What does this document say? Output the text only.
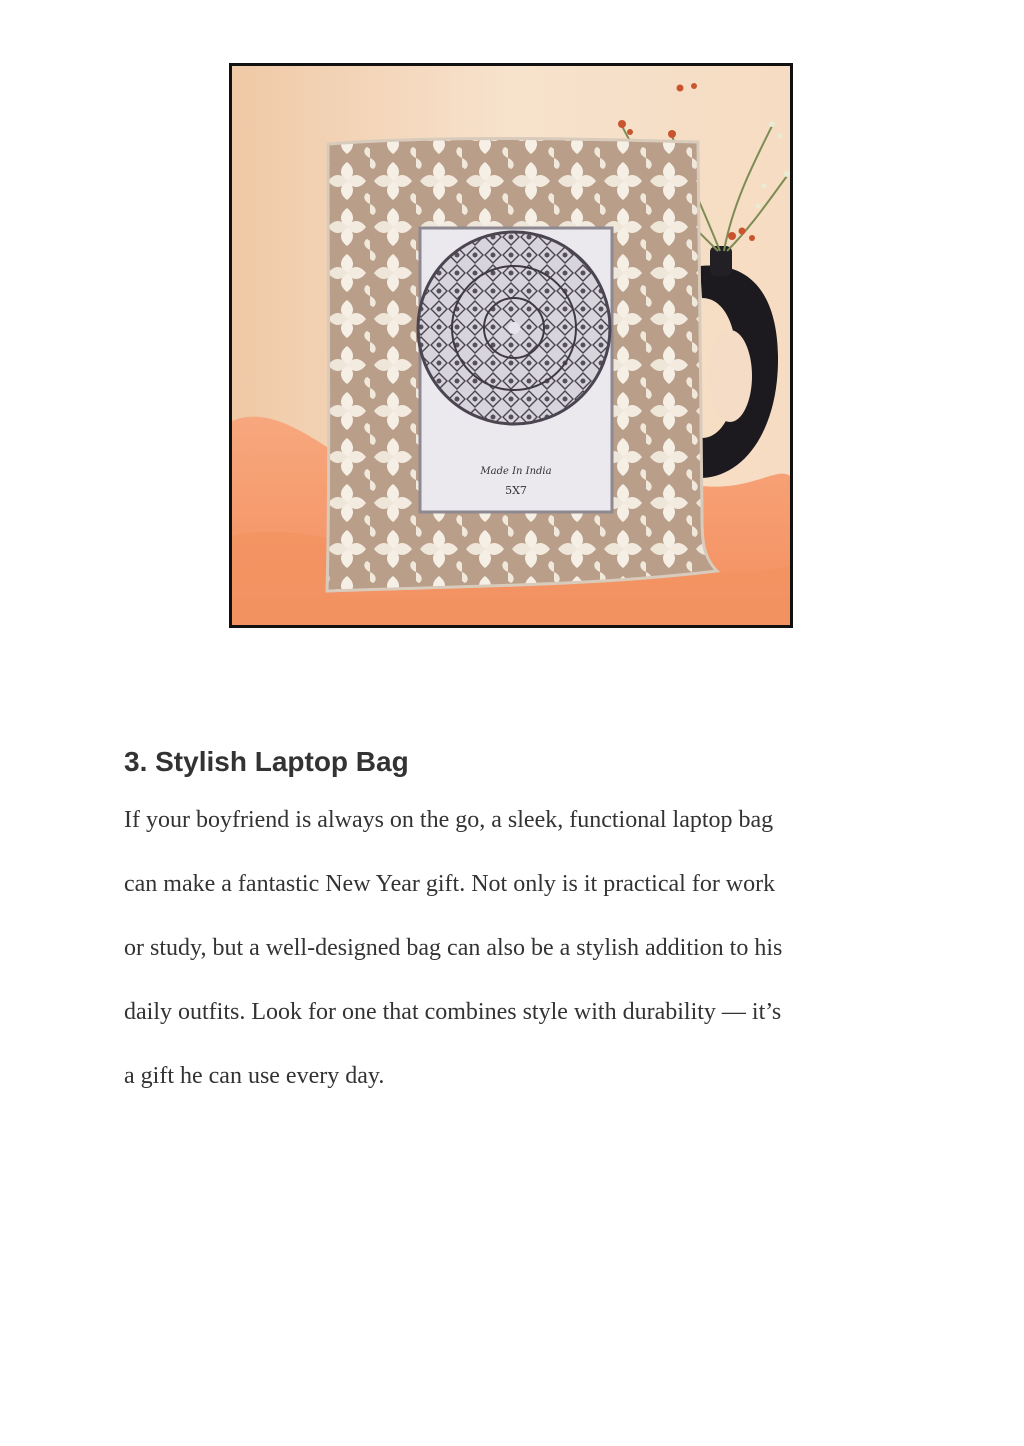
Made In India
5X7
3. Stylish Laptop Bag
If your boyfriend is always on the go, a sleek, functional laptop bag
can make a fantastic New Year gift. Not only is it practical for work
or study, but a well-designed bag can also be a stylish addition to his
daily outfits. Look for one that combines style with durability — it’s
a gift he can use every day.
